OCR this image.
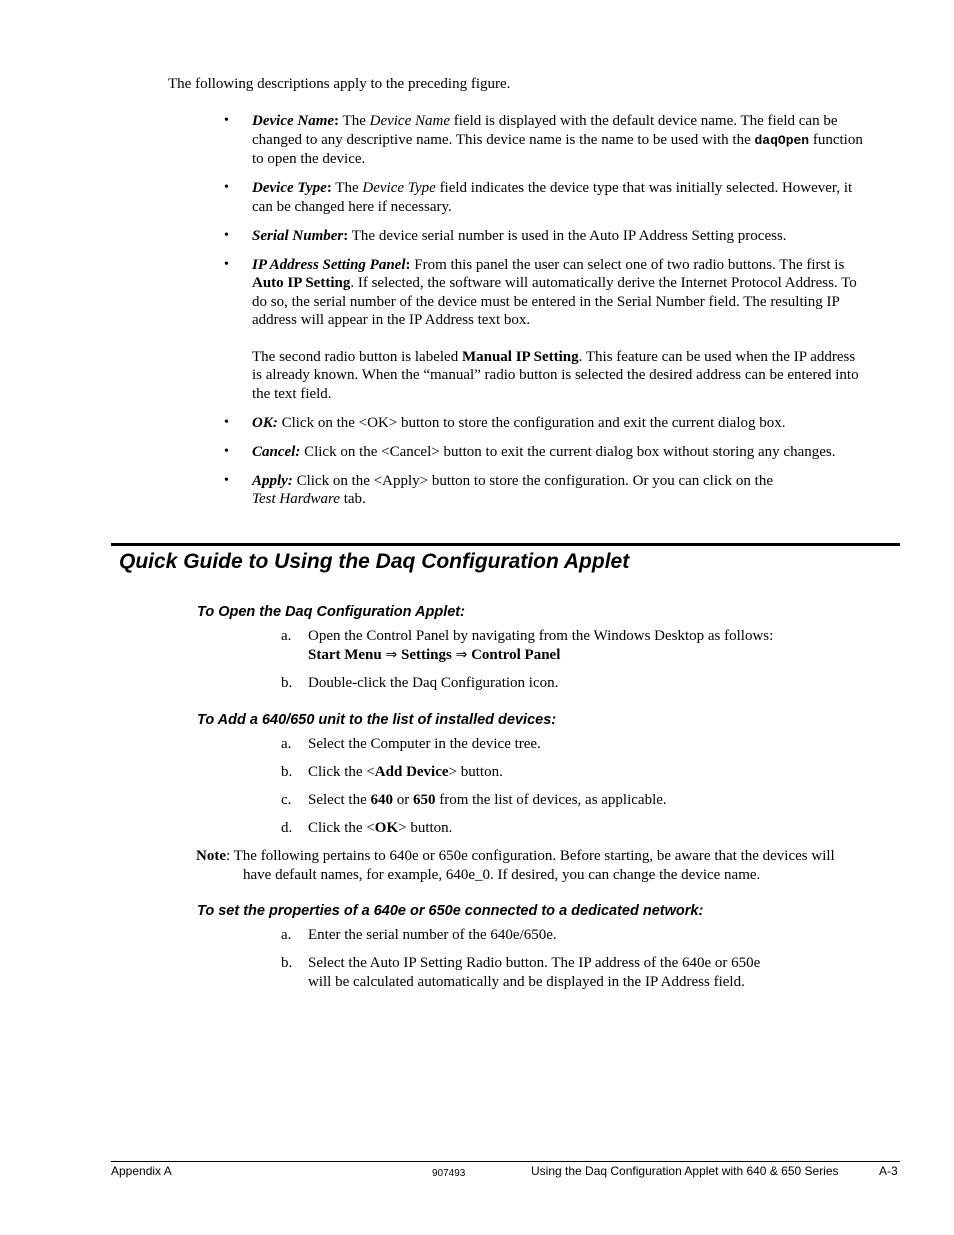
The following descriptions apply to the preceding figure.
• Device Name: The Device Name field is displayed with the default device name. The field can be
changed to any descriptive name. This device name is the name to be used with the daqOpen function
to open the device.
• Device Type: The Device Type field indicates the device type that was initially selected. However, it
can be changed here if necessary.
• Serial Number: The device serial number is used in the Auto IP Address Setting process.
• IP Address Setting Panel: From this panel the user can select one of two radio buttons. The first is
Auto IP Setting. If selected, the software will automatically derive the Internet Protocol Address. To
do so, the serial number of the device must be entered in the Serial Number field. The resulting IP
address will appear in the IP Address text box.
The second radio button is labeled Manual IP Setting. This feature can be used when the IP address
is already known. When the “manual” radio button is selected the desired address can be entered into
the text field.
• OK: Click on the <OK> button to store the configuration and exit the current dialog box.
• Cancel: Click on the <Cancel> button to exit the current dialog box without storing any changes.
• Apply: Click on the <Apply> button to store the configuration. Or you can click on the
Test Hardware tab.
Quick Guide to Using the Daq Configuration Applet
To Open the Daq Configuration Applet:
a. Open the Control Panel by navigating from the Windows Desktop as follows:
Start Menu ⇒ Settings ⇒ Control Panel
b. Double-click the Daq Configuration icon.
To Add a 640/650 unit to the list of installed devices:
a. Select the Computer in the device tree.
b. Click the <Add Device> button.
c. Select the 640 or 650 from the list of devices, as applicable.
d. Click the <OK> button.
Note: The following pertains to 640e or 650e configuration. Before starting, be aware that the devices will
have default names, for example, 640e_0. If desired, you can change the device name.
To set the properties of a 640e or 650e connected to a dedicated network:
a. Enter the serial number of the 640e/650e.
b. Select the Auto IP Setting Radio button. The IP address of the 640e or 650e
will be calculated automatically and be displayed in the IP Address field.
Appendix A	907493	Using the Daq Configuration Applet with 640 & 650 Series	A-3
